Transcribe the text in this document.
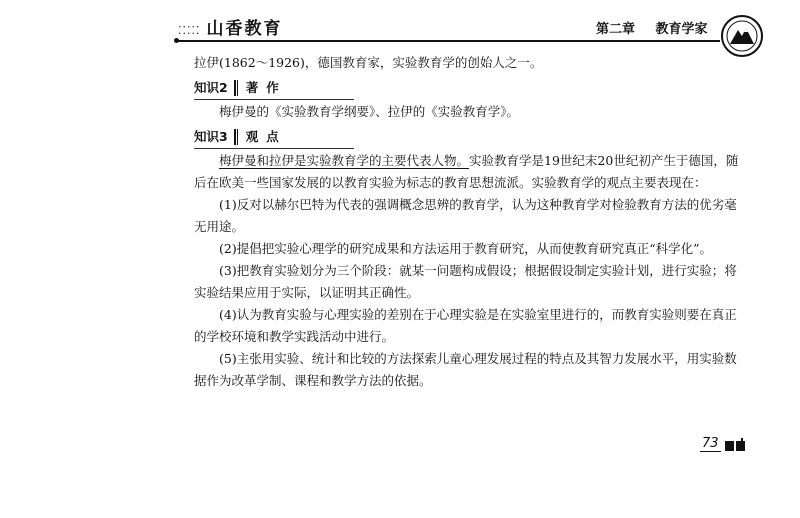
⁚⁚⁚⁚⁚ 山香教育	第二章 教育学家

拉伊(1862～1926)，德国教育家，实验教育学的创始人之一。

知识2	著作

梅伊曼的《实验教育学纲要》、拉伊的《实验教育学》。

知识3	观点

梅伊曼和拉伊是实验教育学的主要代表人物。实验教育学是19世纪末20世纪初产生于德国，随后在欧美一些国家发展的以教育实验为标志的教育思想流派。实验教育学的观点主要表现在：

(1)反对以赫尔巴特为代表的强调概念思辨的教育学，认为这种教育学对检验教育方法的优劣毫无用途。

(2)提倡把实验心理学的研究成果和方法运用于教育研究，从而使教育研究真正“科学化”。

(3)把教育实验划分为三个阶段：就某一问题构成假设；根据假设制定实验计划，进行实验；将实验结果应用于实际，以证明其正确性。

(4)认为教育实验与心理实验的差别在于心理实验是在实验室里进行的，而教育实验则要在真正的学校环境和教学实践活动中进行。

(5)主张用实验、统计和比较的方法探索儿童心理发展过程的特点及其智力发展水平，用实验数据作为改革学制、课程和教学方法的依据。

73
